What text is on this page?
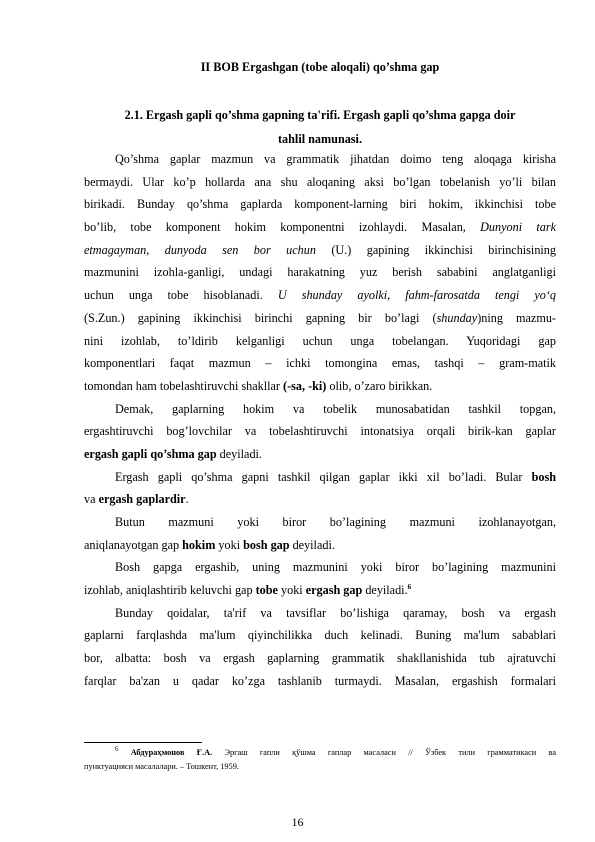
II BOB Ergashgan (tobe aloqali) qo’shma gap
2.1. Ergash gapli qo’shma gapning ta'rifi. Ergash gapli qo’shma gapga doir
tahlil namunasi.
Qo’shma gaplar mazmun va grammatik jihatdan doimo teng aloqaga kirisha
bermaydi. Ular ko’p hollarda ana shu aloqaning aksi bo’lgan tobelanish yo’li bilan
birikadi. Bunday qo’shma gaplarda komponent-larning biri hokim, ikkinchisi tobe
bo’lib, tobe komponent hokim komponentni izohlaydi. Masalan, Dunyoni tark
etmagayman, dunyoda sen bor uchun (U.) gapining ikkinchisi birinchisining
mazmunini izohla-ganligi, undagi harakatning yuz berish sababini anglatganligi
uchun unga tobe hisoblanadi. U shunday ayolki, fahm-farosatda tengi yo‘q
(S.Zun.) gapining ikkinchisi birinchi gapning bir bo’lagi (shunday)ning mazmu-
nini izohlab, to’ldirib kelganligi uchun unga tobelangan. Yuqoridagi gap
komponentlari faqat mazmun – ichki tomongina emas, tashqi – gram-matik
tomondan ham tobelashtiruvchi shakllar (-sa, -ki) olib, o’zaro birikkan.
Demak, gaplarning hokim va tobelik munosabatidan tashkil topgan,
ergashtiruvchi bog’lovchilar va tobelashtiruvchi intonatsiya orqali birik-kan gaplar
ergash gapli qo’shma gap deyiladi.
Ergash gapli qo’shma gapni tashkil qilgan gaplar ikki xil bo’ladi. Bular bosh
va ergash gaplardir.
Butun mazmuni yoki biror bo’lagining mazmuni izohlanayotgan,
aniqlanayotgan gap hokim yoki bosh gap deyiladi.
Bosh gapga ergashib, uning mazmunini yoki biror bo’lagining mazmunini
izohlab, aniqlashtirib keluvchi gap tobe yoki ergash gap deyiladi.$^6$
Bunday qoidalar, ta'rif va tavsiflar bo’lishiga qaramay, bosh va ergash
gaplarni farqlashda ma'lum qiyinchilikka duch kelinadi. Buning ma'lum sabablari
bor, albatta: bosh va ergash gaplarning grammatik shakllanishida tub ajratuvchi
farqlar ba'zan u qadar ko’zga tashlanib turmaydi. Masalan, ergashish formalari
$^6$ Абдураҳмонов Ғ.А. Эргаш гапли қўшма гаплар масаласи // Ўзбек тили грамматикаси ва
пунктуацияси масалалари. – Тошкент, 1959.
16
